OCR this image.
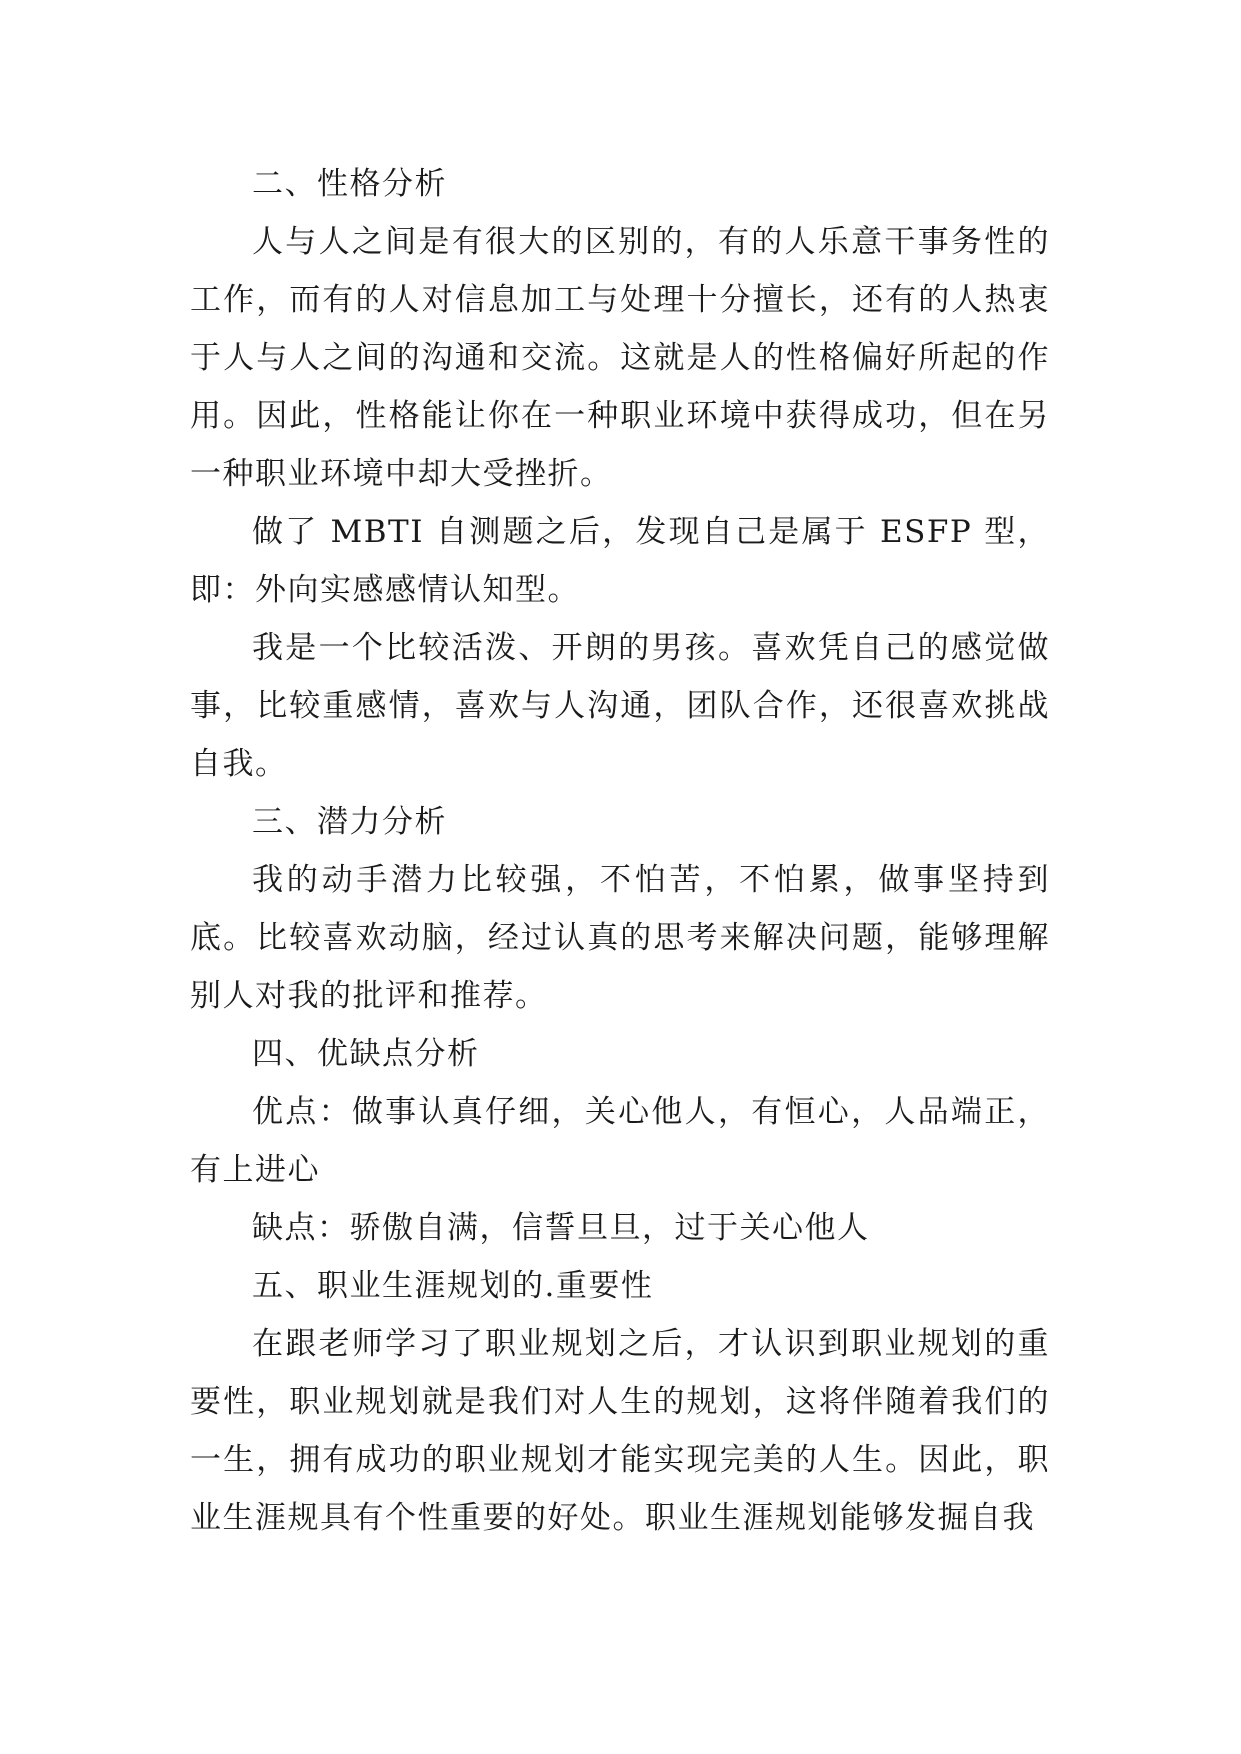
二、性格分析

人与人之间是有很大的区别的，有的人乐意干事务性的工作，而有的人对信息加工与处理十分擅长，还有的人热衷于人与人之间的沟通和交流。这就是人的性格偏好所起的作用。因此，性格能让你在一种职业环境中获得成功，但在另一种职业环境中却大受挫折。

做了 MBTI 自测题之后，发现自己是属于 ESFP 型，即：外向实感感情认知型。

我是一个比较活泼、开朗的男孩。喜欢凭自己的感觉做事，比较重感情，喜欢与人沟通，团队合作，还很喜欢挑战自我。

三、潜力分析

我的动手潜力比较强，不怕苦，不怕累，做事坚持到底。比较喜欢动脑，经过认真的思考来解决问题，能够理解别人对我的批评和推荐。

四、优缺点分析

优点：做事认真仔细，关心他人，有恒心，人品端正，有上进心

缺点：骄傲自满，信誓旦旦，过于关心他人

五、职业生涯规划的.重要性

在跟老师学习了职业规划之后，才认识到职业规划的重要性，职业规划就是我们对人生的规划，这将伴随着我们的一生，拥有成功的职业规划才能实现完美的人生。因此，职业生涯规具有个性重要的好处。职业生涯规划能够发掘自我
